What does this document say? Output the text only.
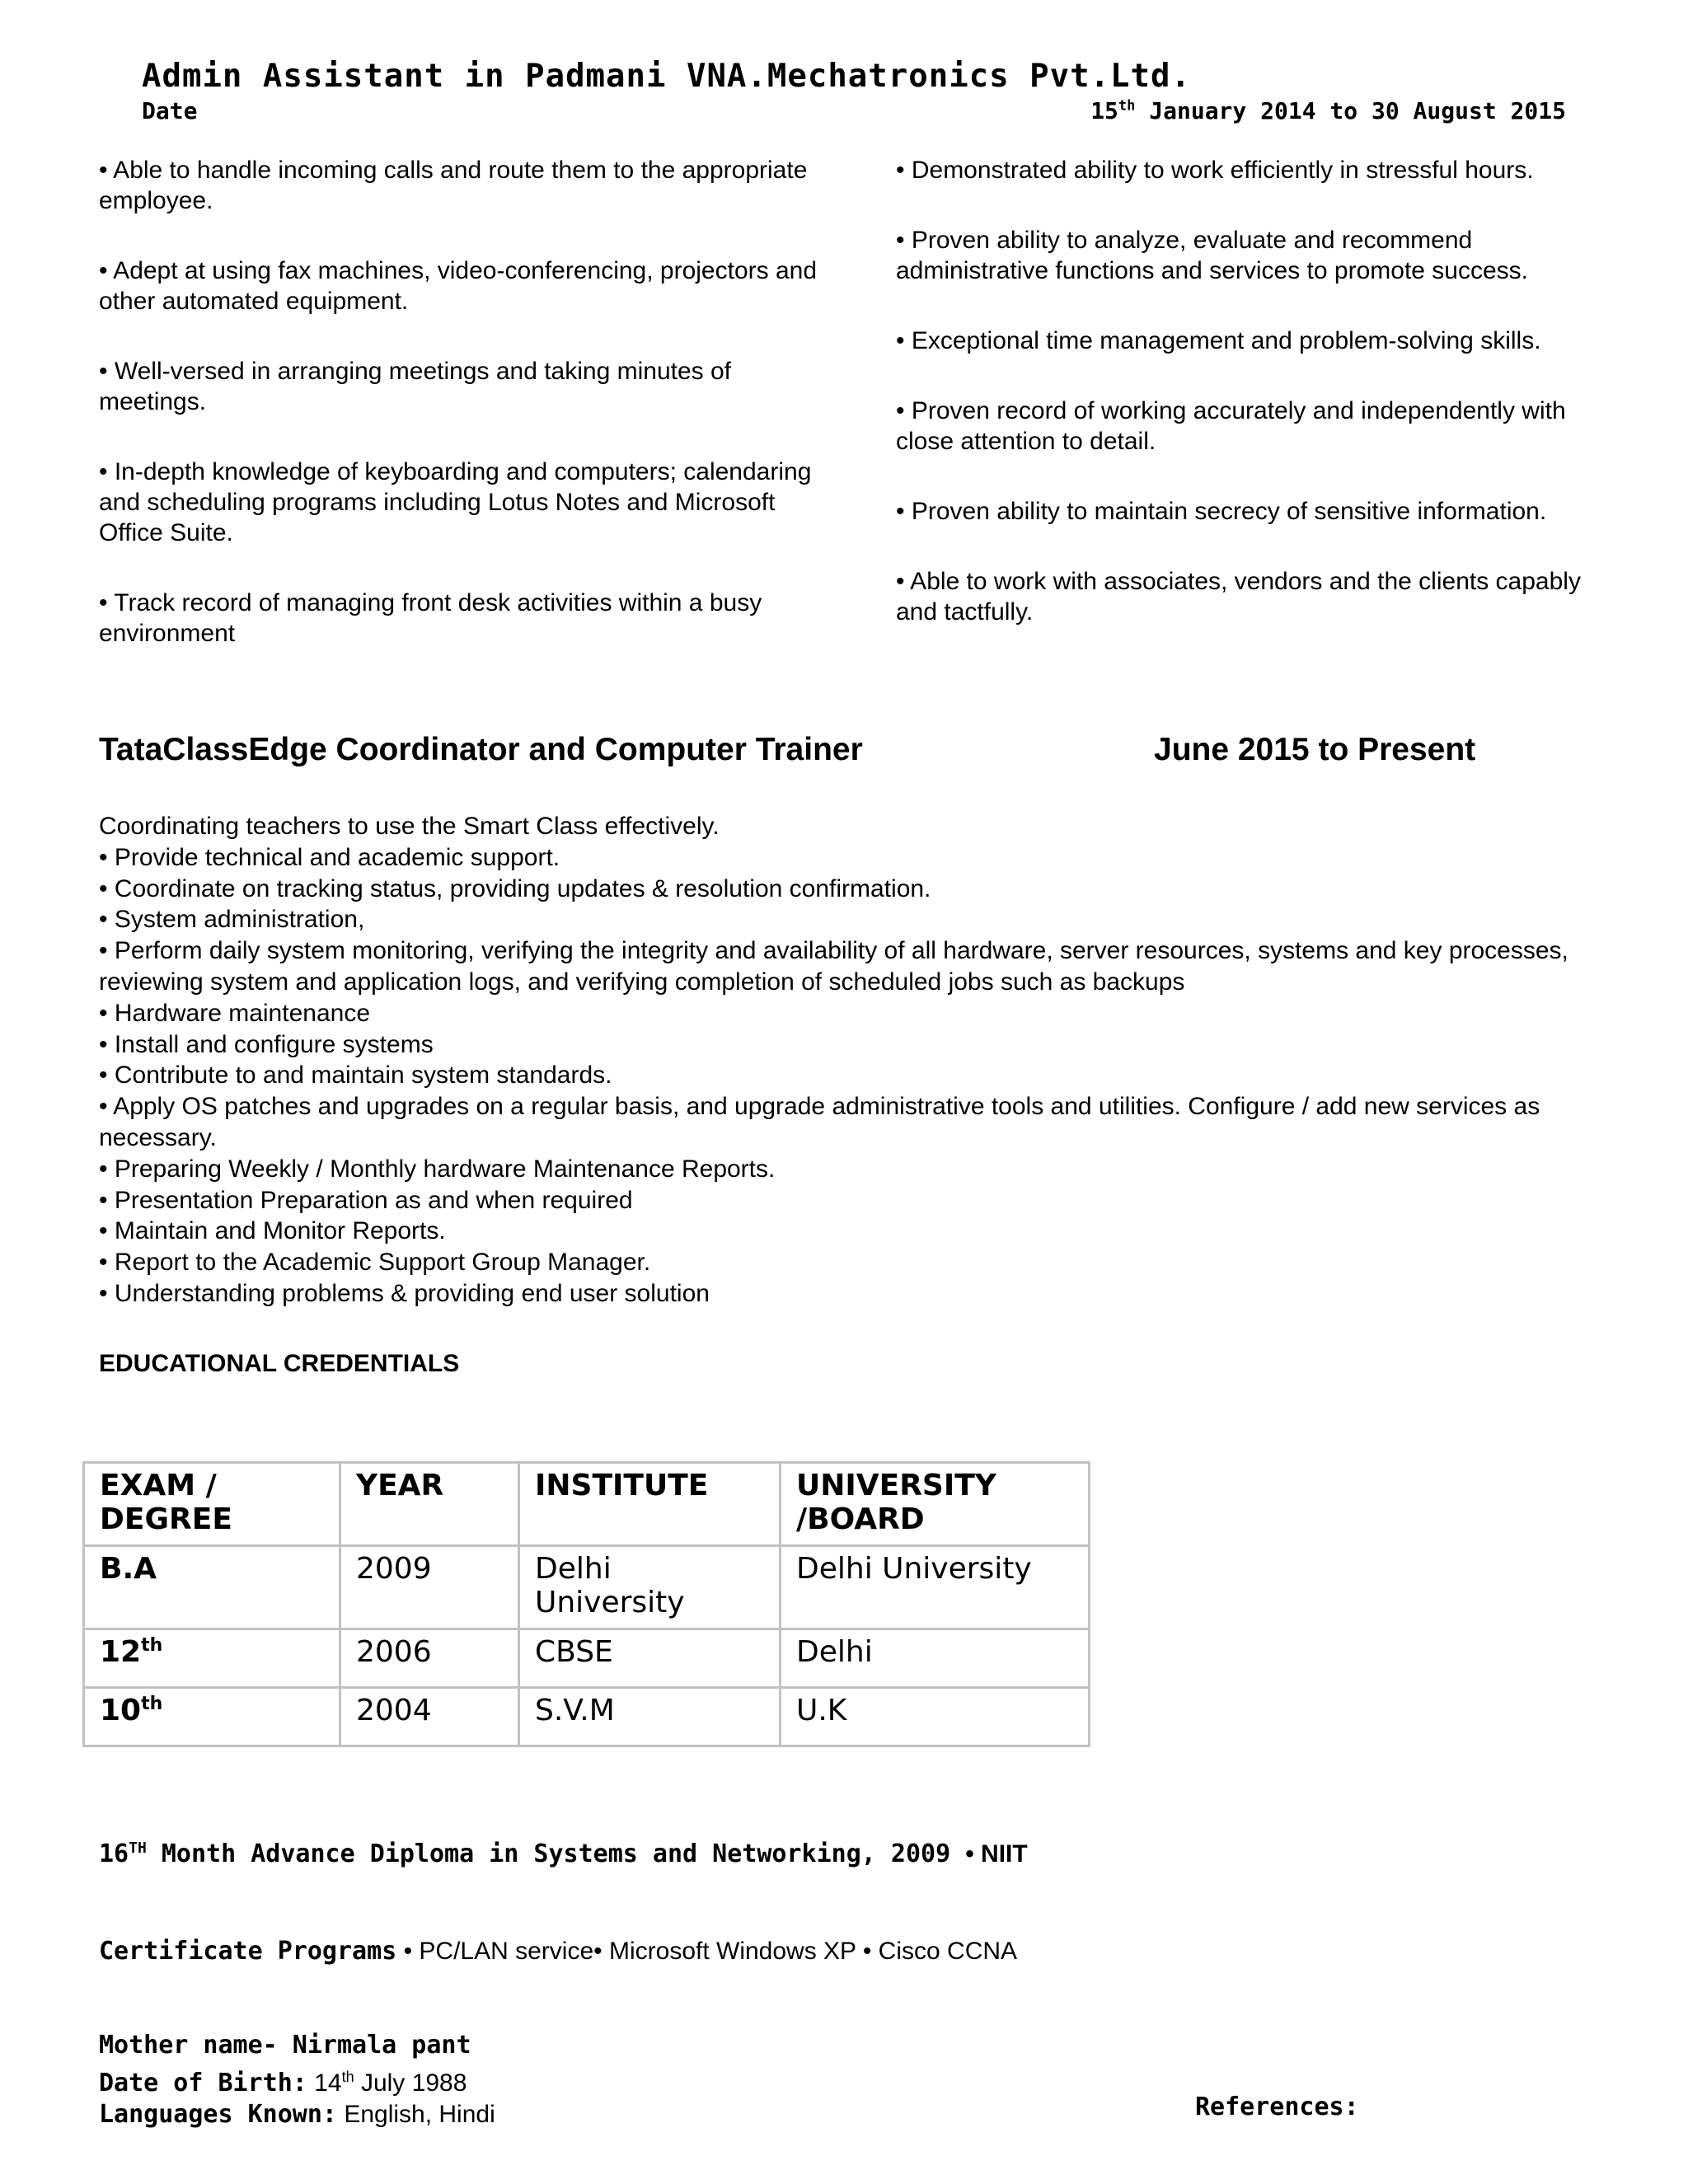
Admin Assistant in Padmani VNA.Mechatronics Pvt.Ltd.
Date	15th January 2014 to 30 August 2015

• Able to handle incoming calls and route them to the appropriate employee.

• Adept at using fax machines, video-conferencing, projectors and other automated equipment.

• Well-versed in arranging meetings and taking minutes of meetings.

• In-depth knowledge of keyboarding and computers; calendaring and scheduling programs including Lotus Notes and Microsoft Office Suite.

• Track record of managing front desk activities within a busy environment

• Demonstrated ability to work efficiently in stressful hours.

• Proven ability to analyze, evaluate and recommend administrative functions and services to promote success.

• Exceptional time management and problem-solving skills.

• Proven record of working accurately and independently with close attention to detail.

• Proven ability to maintain secrecy of sensitive information.

• Able to work with associates, vendors and the clients capably and tactfully.

TataClassEdge Coordinator and Computer Trainer	June 2015 to Present
Coordinating teachers to use the Smart Class effectively.
• Provide technical and academic support.
• Coordinate on tracking status, providing updates & resolution confirmation.
• System administration,
• Perform daily system monitoring, verifying the integrity and availability of all hardware, server resources, systems and key processes, reviewing system and application logs, and verifying completion of scheduled jobs such as backups
• Hardware maintenance
• Install and configure systems
• Contribute to and maintain system standards.
• Apply OS patches and upgrades on a regular basis, and upgrade administrative tools and utilities. Configure / add new services as necessary.
• Preparing Weekly / Monthly hardware Maintenance Reports.
• Presentation Preparation as and when required
• Maintain and Monitor Reports.
• Report to the Academic Support Group Manager.
• Understanding problems & providing end user solution
EDUCATIONAL CREDENTIALS
EXAM / DEGREE	YEAR	INSTITUTE	UNIVERSITY /BOARD
B.A	2009	Delhi University	Delhi University
12th	2006	CBSE	Delhi
10th	2004	S.V.M	U.K
16TH Month Advance Diploma in Systems and Networking, 2009 • NIIT
Certificate Programs • PC/LAN service• Microsoft Windows XP • Cisco CCNA
Mother name- Nirmala pant
Date of Birth: 14th July 1988
Languages Known: English, Hindi	References:
